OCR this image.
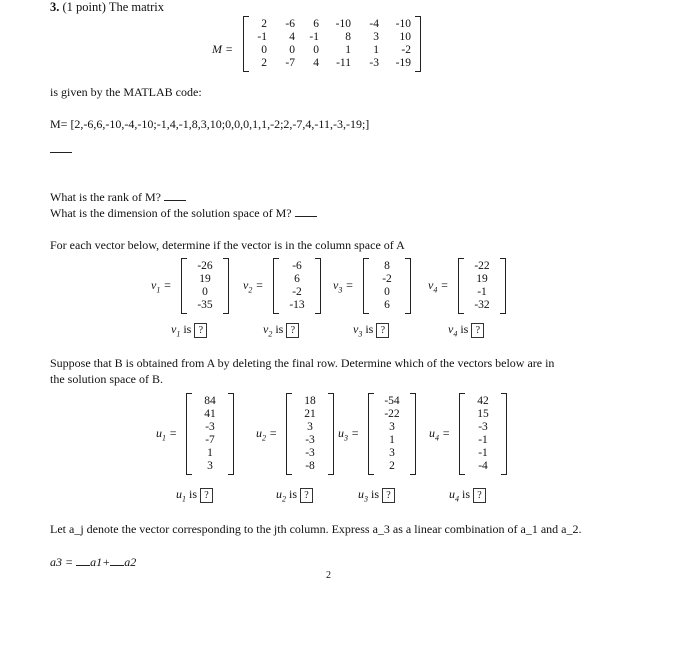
3. (1 point) The matrix
M =
2
-1
0
2
-6
4
0
-7
6
-1
0
4
-10
8
1
-11
-4
3
1
-3
-10
10
-2
-19
is given by the MATLAB code:
M= [2,-6,6,-10,-4,-10;-1,4,-1,8,3,10;0,0,0,1,1,-2;2,-7,4,-11,-3,-19;]
What is the rank of M?
What is the dimension of the solution space of M?
For each vector below, determine if the vector is in the column space of A
$v_1$ =
-26
19
0
-35
$v_1$ is ?
$v_2$ =
-6
6
-2
-13
$v_2$ is ?
$v_3$ =
8
-2
0
6
$v_3$ is ?
$v_4$ =
-22
19
-1
-32
$v_4$ is ?
Suppose that B is obtained from A by deleting the final row. Determine which of the vectors below are in
the solution space of B.
$u_1$ =
84
41
-3
-7
1
3
$u_1$ is ?
$u_2$ =
18
21
3
-3
-3
-8
$u_2$ is ?
$u_3$ =
-54
-22
3
1
3
2
$u_3$ is ?
$u_4$ =
42
15
-3
-1
-1
-4
$u_4$ is ?
Let a_j denote the vector corresponding to the jth column. Express a_3 as a linear combination of a_1 and a_2.
a3 = a1+ a2
2
